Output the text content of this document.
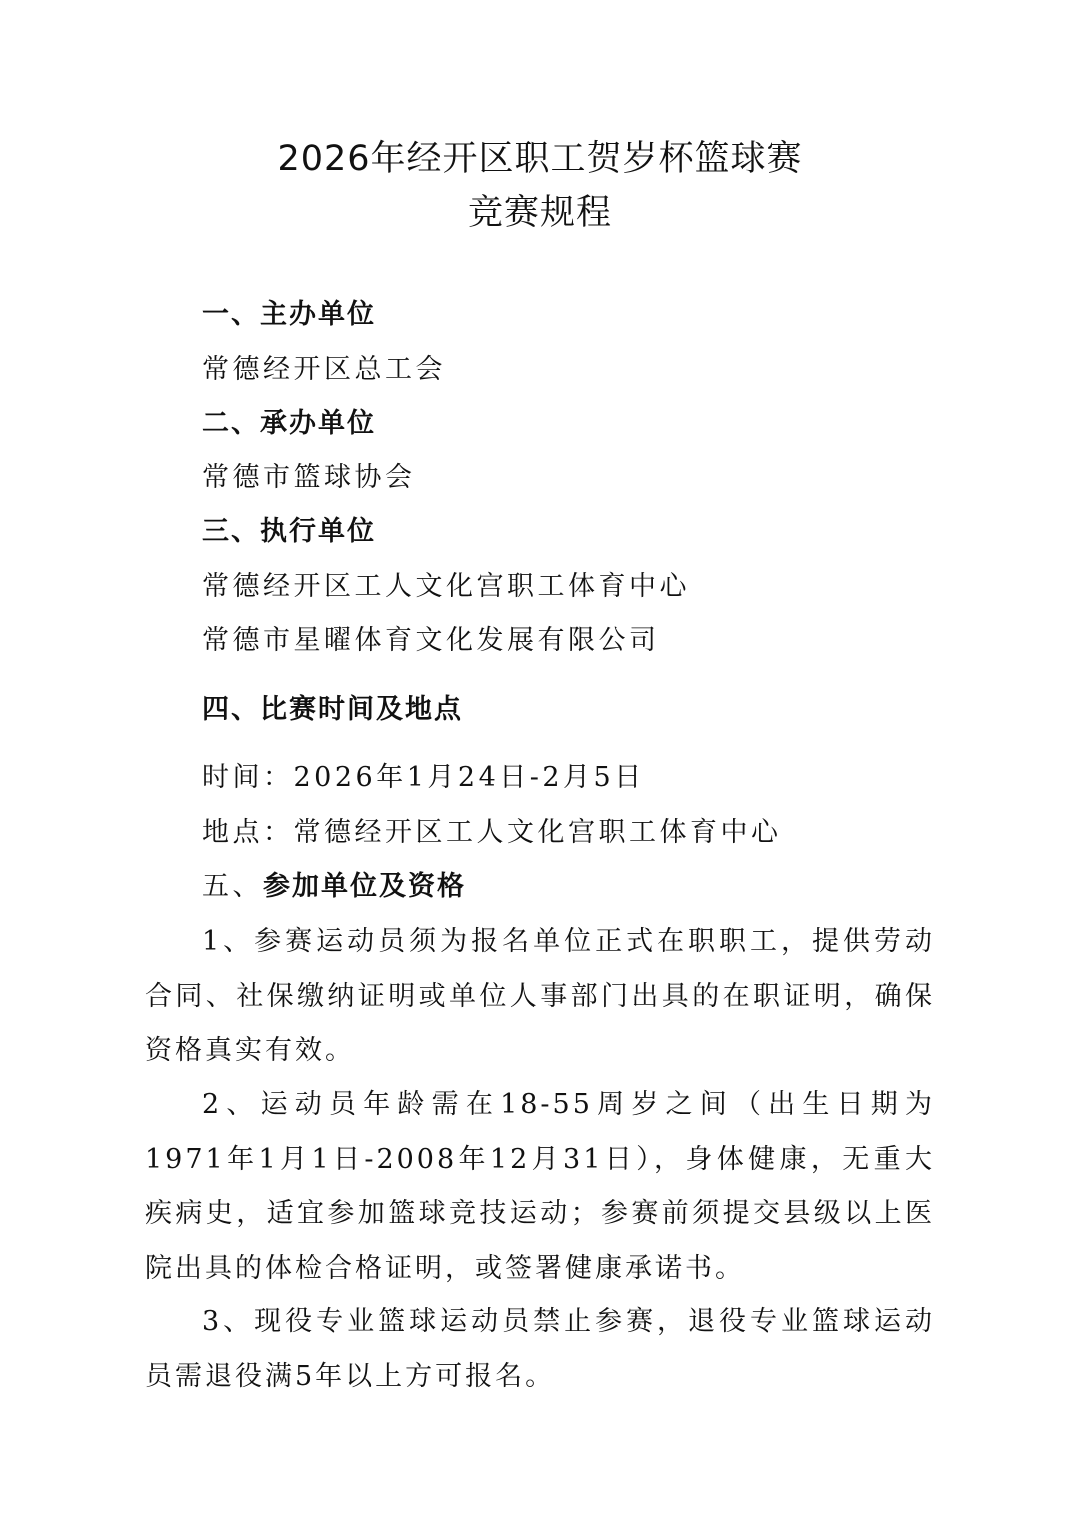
2026年经开区职工贺岁杯篮球赛
竞赛规程
一、主办单位
常德经开区总工会
二、承办单位
常德市篮球协会
三、执行单位
常德经开区工人文化宫职工体育中心
常德市星曜体育文化发展有限公司
四、比赛时间及地点
时间：2026年1月24日-2月5日
地点：常德经开区工人文化宫职工体育中心
五、参加单位及资格

1、参赛运动员须为报名单位正式在职职工，提供劳动合同、社保缴纳证明或单位人事部门出具的在职证明，确保资格真实有效。

2、运动员年龄需在18-55周岁之间（出生日期为1971年1月1日-2008年12月31日），身体健康，无重大疾病史，适宜参加篮球竞技运动；参赛前须提交县级以上医院出具的体检合格证明，或签署健康承诺书。

3、现役专业篮球运动员禁止参赛，退役专业篮球运动员需退役满5年以上方可报名。
